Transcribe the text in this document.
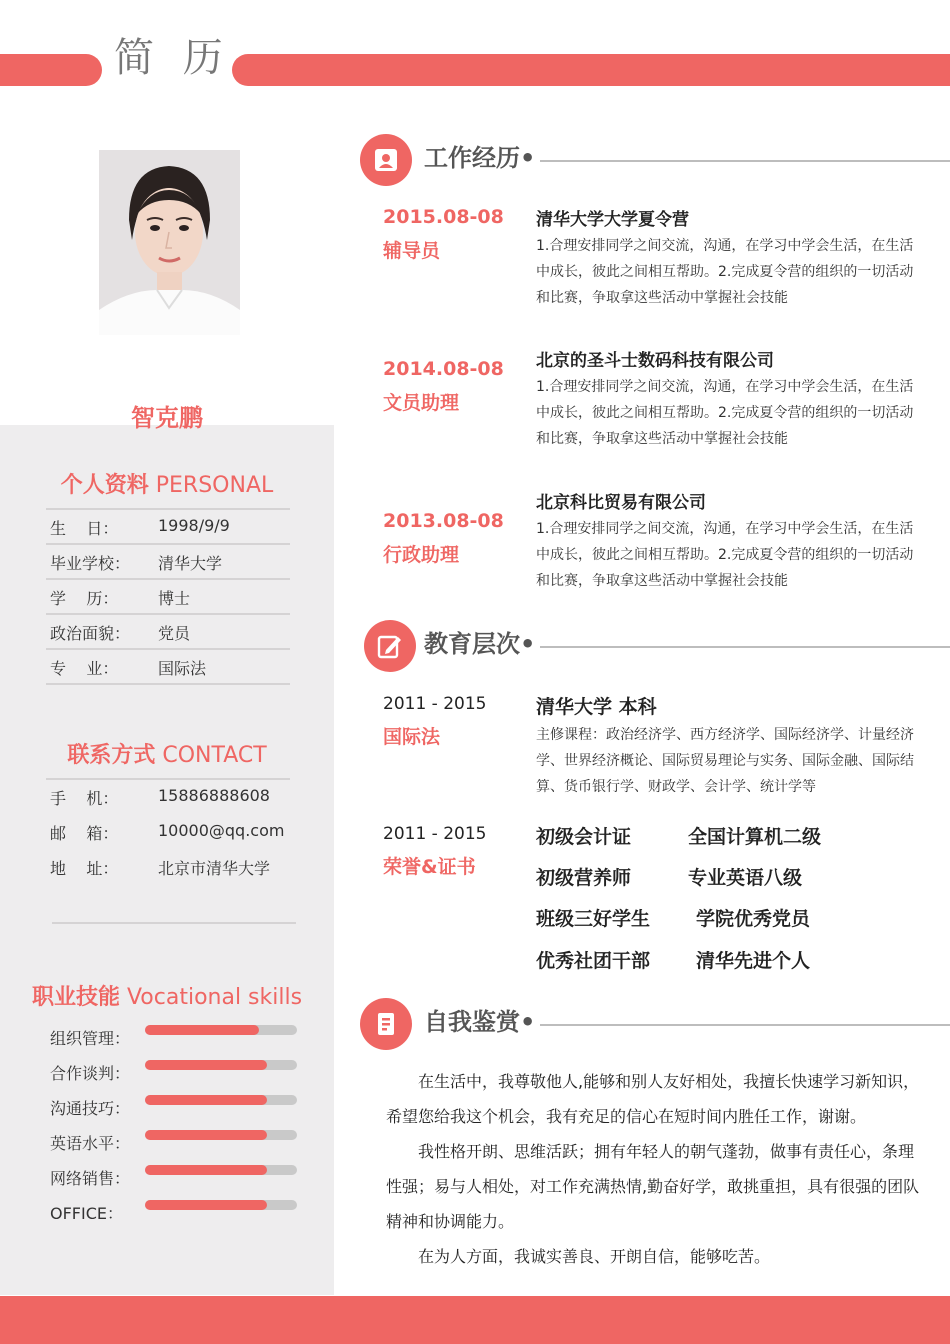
简 历
智克鹏
个人资料 PERSONAL
生    日： 1998/9/9
毕业学校： 清华大学
学    历： 博士
政治面貌： 党员
专    业： 国际法
联系方式 CONTACT
手    机： 15886888608
邮    箱： 10000@qq.com
地    址： 北京市清华大学
职业技能 Vocational skills
组织管理：
合作谈判：
沟通技巧：
英语水平：
网络销售：
OFFICE：
工作经历•
2015.08-08
辅导员
清华大学大学夏令营
1.合理安排同学之间交流，沟通，在学习中学会生活，在生活中成长，彼此之间相互帮助。2.完成夏令营的组织的一切活动和比赛，争取拿这些活动中掌握社会技能
2014.08-08
文员助理
北京的圣斗士数码科技有限公司
1.合理安排同学之间交流，沟通，在学习中学会生活，在生活中成长，彼此之间相互帮助。2.完成夏令营的组织的一切活动和比赛，争取拿这些活动中掌握社会技能
2013.08-08
行政助理
北京科比贸易有限公司
1.合理安排同学之间交流，沟通，在学习中学会生活，在生活中成长，彼此之间相互帮助。2.完成夏令营的组织的一切活动和比赛，争取拿这些活动中掌握社会技能
教育层次•
2011 - 2015
国际法
清华大学 本科
主修课程：政治经济学、西方经济学、国际经济学、计量经济学、世界经济概论、国际贸易理论与实务、国际金融、国际结算、货币银行学、财政学、会计学、统计学等
2011 - 2015
荣誉&证书
初级会计证	全国计算机二级
初级营养师	专业英语八级
班级三好学生 学院优秀党员
优秀社团干部 清华先进个人
自我鉴赏•

在生活中，我尊敬他人,能够和别人友好相处，我擅长快速学习新知识，希望您给我这个机会，我有充足的信心在短时间内胜任工作，谢谢。

我性格开朗、思维活跃；拥有年轻人的朝气蓬勃，做事有责任心，条理性强；易与人相处，对工作充满热情,勤奋好学，敢挑重担，具有很强的团队精神和协调能力。

在为人方面，我诚实善良、开朗自信，能够吃苦。
